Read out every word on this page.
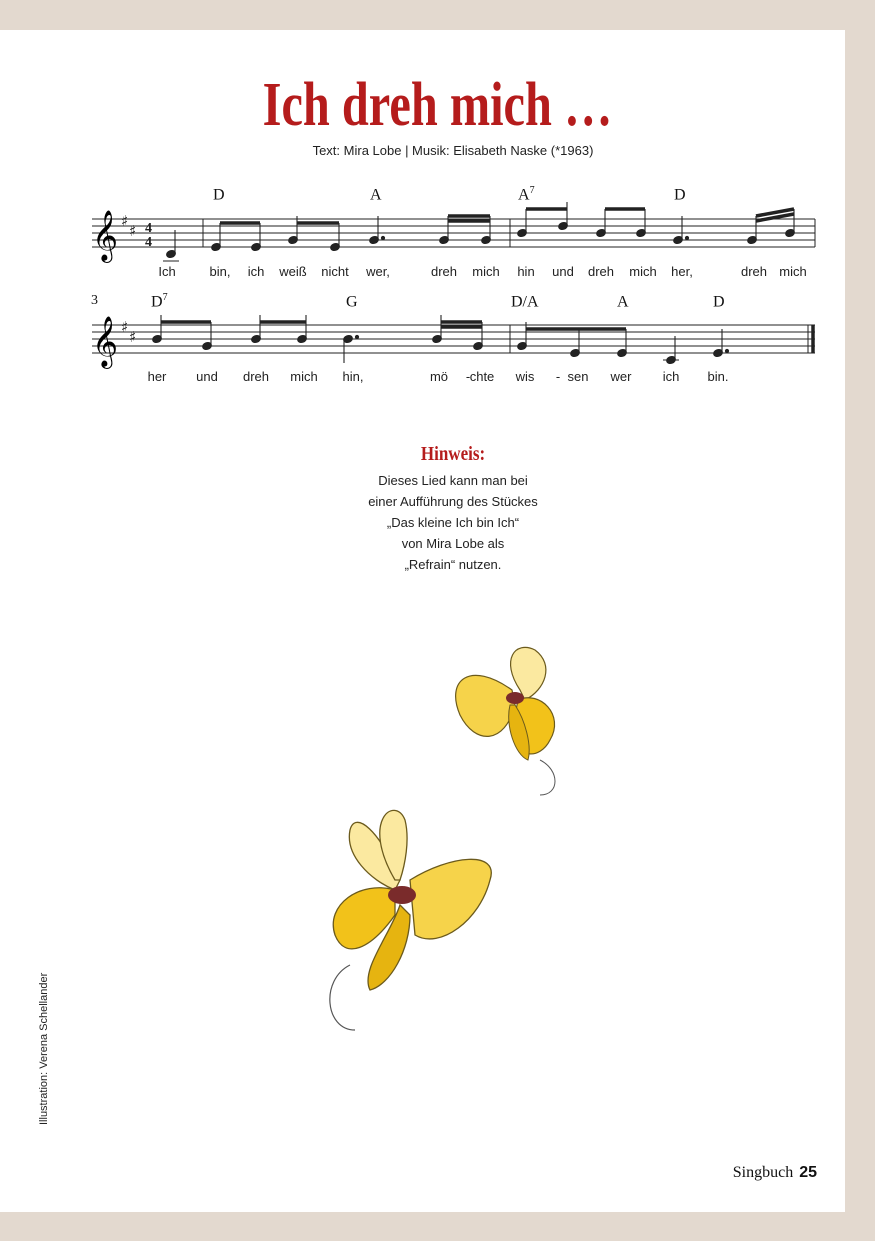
Ich dreh mich …
Text: Mira Lobe | Musik: Elisabeth Naske (*1963)
𝄞
𝄞
♯
♯
♯
♯
4
4
D	A	$A^7$	D
3	$D^7$	G	D/A	A	D
Ich	bin, ich weiß nicht wer,	dreh mich hin und dreh mich her,	dreh mich
her und dreh mich hin,	mö - chte wis - sen wer ich bin.
Hinweis:
Dieses Lied kann man bei
einer Aufführung des Stückes
„Das kleine Ich bin Ich“
von Mira Lobe als
„Refrain“ nutzen.
Illustration: Verena Schellander
Singbuch 25
